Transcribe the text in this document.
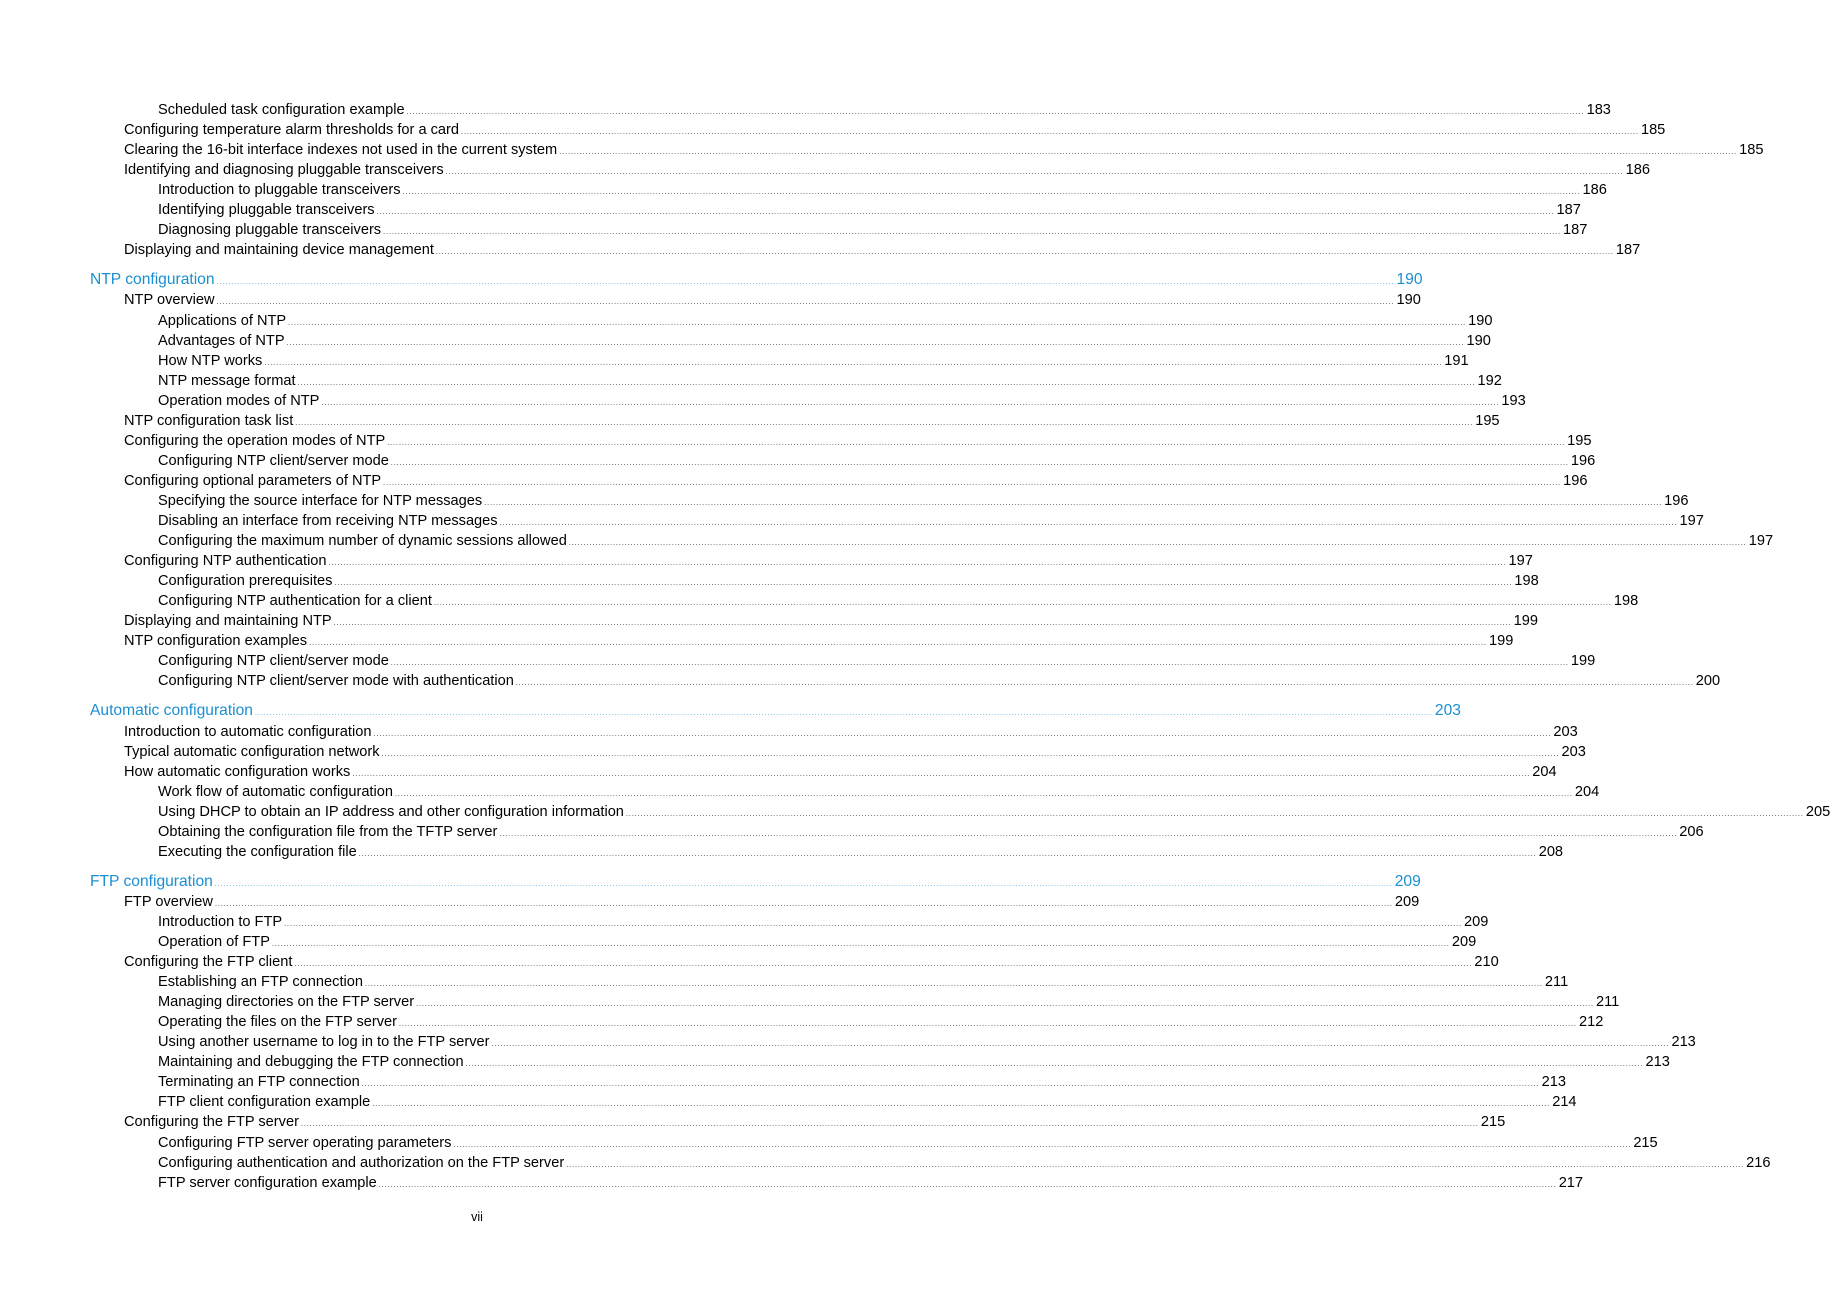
Scheduled task configuration example ................................................................................................................................................................................................................................................................................................................................................................................................................ 183
Configuring temperature alarm thresholds for a card ................................................................................................................................................................................................................................................................................................................................................................................................................ 185
Clearing the 16-bit interface indexes not used in the current system ................................................................................................................................................................................................................................................................................................................................................................................................................ 185
Identifying and diagnosing pluggable transceivers ................................................................................................................................................................................................................................................................................................................................................................................................................ 186
Introduction to pluggable transceivers ................................................................................................................................................................................................................................................................................................................................................................................................................ 186
Identifying pluggable transceivers ................................................................................................................................................................................................................................................................................................................................................................................................................ 187
Diagnosing pluggable transceivers ................................................................................................................................................................................................................................................................................................................................................................................................................ 187
Displaying and maintaining device management ................................................................................................................................................................................................................................................................................................................................................................................................................ 187
NTP configuration ................................................................................................................................................................................................................................................................................................................................................................................................................ 190
NTP overview ................................................................................................................................................................................................................................................................................................................................................................................................................ 190
Applications of NTP ................................................................................................................................................................................................................................................................................................................................................................................................................ 190
Advantages of NTP ................................................................................................................................................................................................................................................................................................................................................................................................................ 190
How NTP works ................................................................................................................................................................................................................................................................................................................................................................................................................ 191
NTP message format ................................................................................................................................................................................................................................................................................................................................................................................................................ 192
Operation modes of NTP ................................................................................................................................................................................................................................................................................................................................................................................................................ 193
NTP configuration task list ................................................................................................................................................................................................................................................................................................................................................................................................................ 195
Configuring the operation modes of NTP ................................................................................................................................................................................................................................................................................................................................................................................................................ 195
Configuring NTP client/server mode ................................................................................................................................................................................................................................................................................................................................................................................................................ 196
Configuring optional parameters of NTP ................................................................................................................................................................................................................................................................................................................................................................................................................ 196
Specifying the source interface for NTP messages ................................................................................................................................................................................................................................................................................................................................................................................................................ 196
Disabling an interface from receiving NTP messages ................................................................................................................................................................................................................................................................................................................................................................................................................ 197
Configuring the maximum number of dynamic sessions allowed ................................................................................................................................................................................................................................................................................................................................................................................................................ 197
Configuring NTP authentication ................................................................................................................................................................................................................................................................................................................................................................................................................ 197
Configuration prerequisites ................................................................................................................................................................................................................................................................................................................................................................................................................ 198
Configuring NTP authentication for a client ................................................................................................................................................................................................................................................................................................................................................................................................................ 198
Displaying and maintaining NTP ................................................................................................................................................................................................................................................................................................................................................................................................................ 199
NTP configuration examples ................................................................................................................................................................................................................................................................................................................................................................................................................ 199
Configuring NTP client/server mode ................................................................................................................................................................................................................................................................................................................................................................................................................ 199
Configuring NTP client/server mode with authentication ................................................................................................................................................................................................................................................................................................................................................................................................................ 200
Automatic configuration ................................................................................................................................................................................................................................................................................................................................................................................................................ 203
Introduction to automatic configuration ................................................................................................................................................................................................................................................................................................................................................................................................................ 203
Typical automatic configuration network ................................................................................................................................................................................................................................................................................................................................................................................................................ 203
How automatic configuration works ................................................................................................................................................................................................................................................................................................................................................................................................................ 204
Work flow of automatic configuration ................................................................................................................................................................................................................................................................................................................................................................................................................ 204
Using DHCP to obtain an IP address and other configuration information ................................................................................................................................................................................................................................................................................................................................................................................................................ 205
Obtaining the configuration file from the TFTP server ................................................................................................................................................................................................................................................................................................................................................................................................................ 206
Executing the configuration file ................................................................................................................................................................................................................................................................................................................................................................................................................ 208
FTP configuration ................................................................................................................................................................................................................................................................................................................................................................................................................ 209
FTP overview ................................................................................................................................................................................................................................................................................................................................................................................................................ 209
Introduction to FTP ................................................................................................................................................................................................................................................................................................................................................................................................................ 209
Operation of FTP ................................................................................................................................................................................................................................................................................................................................................................................................................ 209
Configuring the FTP client ................................................................................................................................................................................................................................................................................................................................................................................................................ 210
Establishing an FTP connection ................................................................................................................................................................................................................................................................................................................................................................................................................ 211
Managing directories on the FTP server ................................................................................................................................................................................................................................................................................................................................................................................................................ 211
Operating the files on the FTP server ................................................................................................................................................................................................................................................................................................................................................................................................................ 212
Using another username to log in to the FTP server ................................................................................................................................................................................................................................................................................................................................................................................................................ 213
Maintaining and debugging the FTP connection ................................................................................................................................................................................................................................................................................................................................................................................................................ 213
Terminating an FTP connection ................................................................................................................................................................................................................................................................................................................................................................................................................ 213
FTP client configuration example ................................................................................................................................................................................................................................................................................................................................................................................................................ 214
Configuring the FTP server ................................................................................................................................................................................................................................................................................................................................................................................................................ 215
Configuring FTP server operating parameters ................................................................................................................................................................................................................................................................................................................................................................................................................ 215
Configuring authentication and authorization on the FTP server ................................................................................................................................................................................................................................................................................................................................................................................................................ 216
FTP server configuration example ................................................................................................................................................................................................................................................................................................................................................................................................................ 217
vii
